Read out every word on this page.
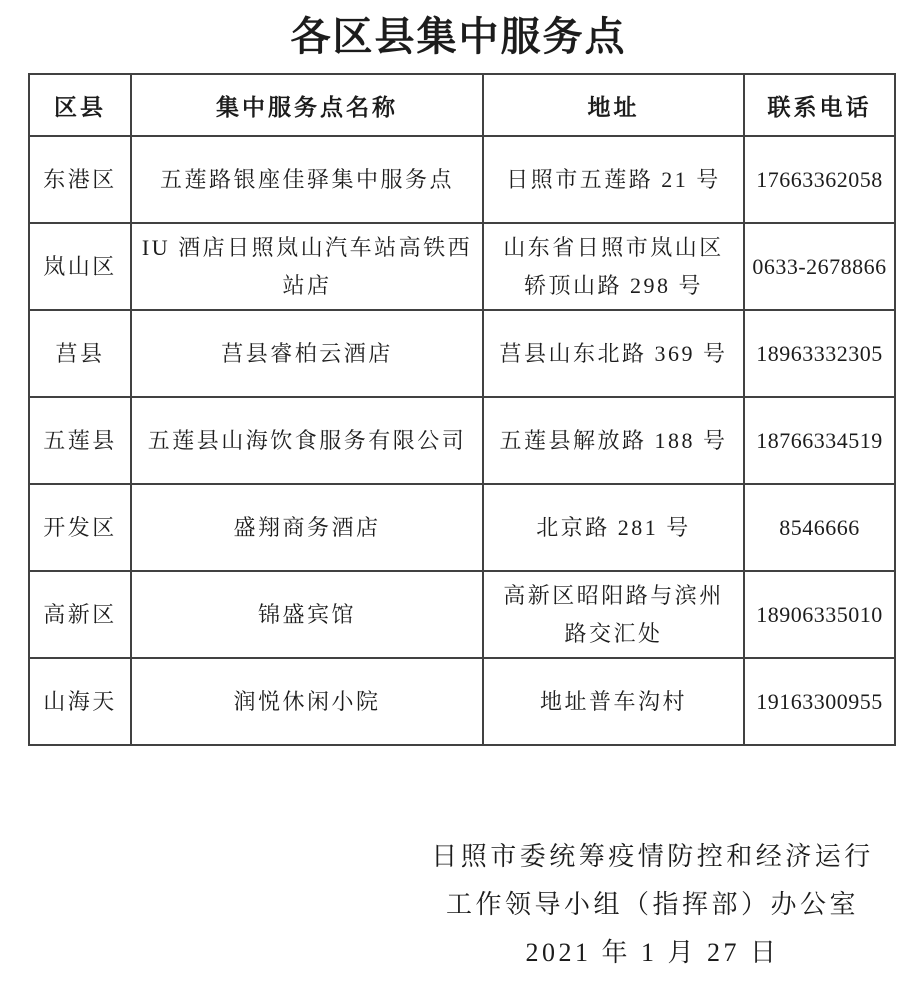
各区县集中服务点
区县	集中服务点名称	地址	联系电话
东港区	五莲路银座佳驿集中服务点	日照市五莲路 21 号	17663362058
岚山区	IU 酒店日照岚山汽车站高铁西站店	山东省日照市岚山区轿顶山路 298 号	0633-2678866
莒县	莒县睿柏云酒店	莒县山东北路 369 号	18963332305
五莲县	五莲县山海饮食服务有限公司	五莲县解放路 188 号	18766334519
开发区	盛翔商务酒店	北京路 281 号	8546666
高新区	锦盛宾馆	高新区昭阳路与滨州路交汇处	18906335010
山海天	润悦休闲小院	地址普车沟村	19163300955
日照市委统筹疫情防控和经济运行
工作领导小组（指挥部）办公室
2021 年 1 月 27 日
